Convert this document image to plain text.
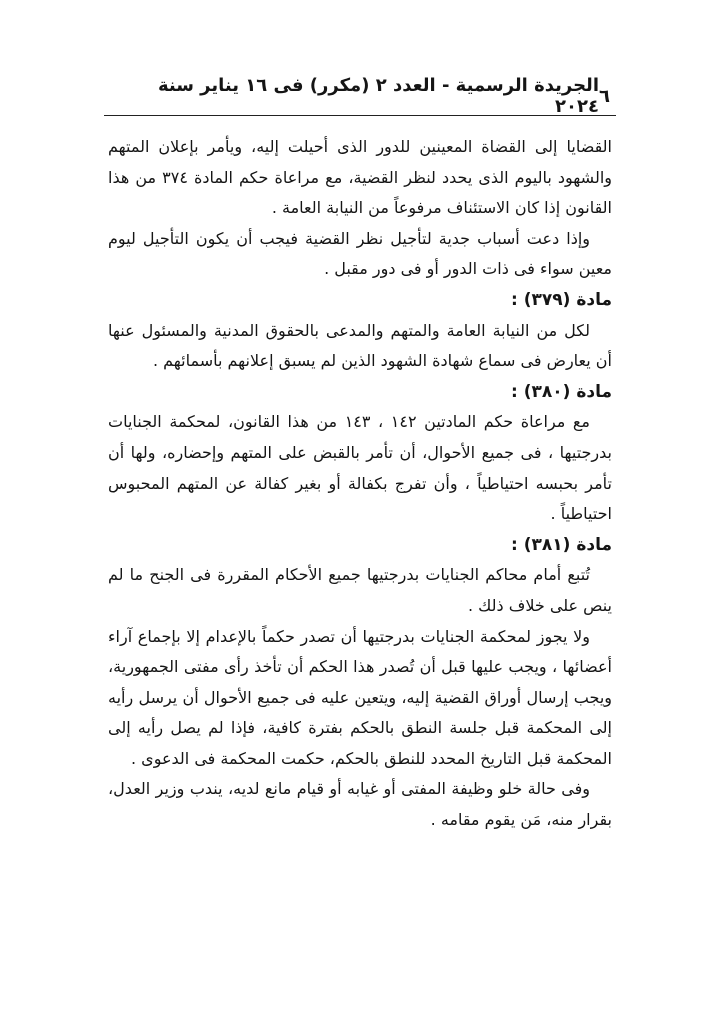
٦
الجريدة الرسمية - العدد ٢ (مكرر) فى ١٦ يناير سنة ٢٠٢٤

القضايا إلى القضاة المعينين للدور الذى أحيلت إليه، ويأمر بإعلان المتهم والشهود باليوم الذى يحدد لنظر القضية، مع مراعاة حكم المادة ٣٧٤ من هذا القانون إذا كان الاستئناف مرفوعاً من النيابة العامة .

وإذا دعت أسباب جدية لتأجيل نظر القضية فيجب أن يكون التأجيل ليوم معين سواء فى ذات الدور أو فى دور مقبل .

مادة (٣٧٩) :

لكل من النيابة العامة والمتهم والمدعى بالحقوق المدنية والمسئول عنها أن يعارض فى سماع شهادة الشهود الذين لم يسبق إعلانهم بأسمائهم .

مادة (٣٨٠) :

مع مراعاة حكم المادتين ١٤٢ ، ١٤٣ من هذا القانون، لمحكمة الجنايات بدرجتيها ، فى جميع الأحوال، أن تأمر بالقبض على المتهم وإحضاره، ولها أن تأمر بحبسه احتياطياً ، وأن تفرج بكفالة أو بغير كفالة عن المتهم المحبوس احتياطياً .

مادة (٣٨١) :

تُتبع أمام محاكم الجنايات بدرجتيها جميع الأحكام المقررة فى الجنح ما لم ينص على خلاف ذلك .

ولا يجوز لمحكمة الجنايات بدرجتيها أن تصدر حكماً بالإعدام إلا بإجماع آراء أعضائها ، ويجب عليها قبل أن تُصدر هذا الحكم أن تأخذ رأى مفتى الجمهورية، ويجب إرسال أوراق القضية إليه، ويتعين عليه فى جميع الأحوال أن يرسل رأيه إلى المحكمة قبل جلسة النطق بالحكم بفترة كافية، فإذا لم يصل رأيه إلى المحكمة قبل التاريخ المحدد للنطق بالحكم، حكمت المحكمة فى الدعوى .

وفى حالة خلو وظيفة المفتى أو غيابه أو قيام مانع لديه، يندب وزير العدل، بقرار منه، مَن يقوم مقامه .
